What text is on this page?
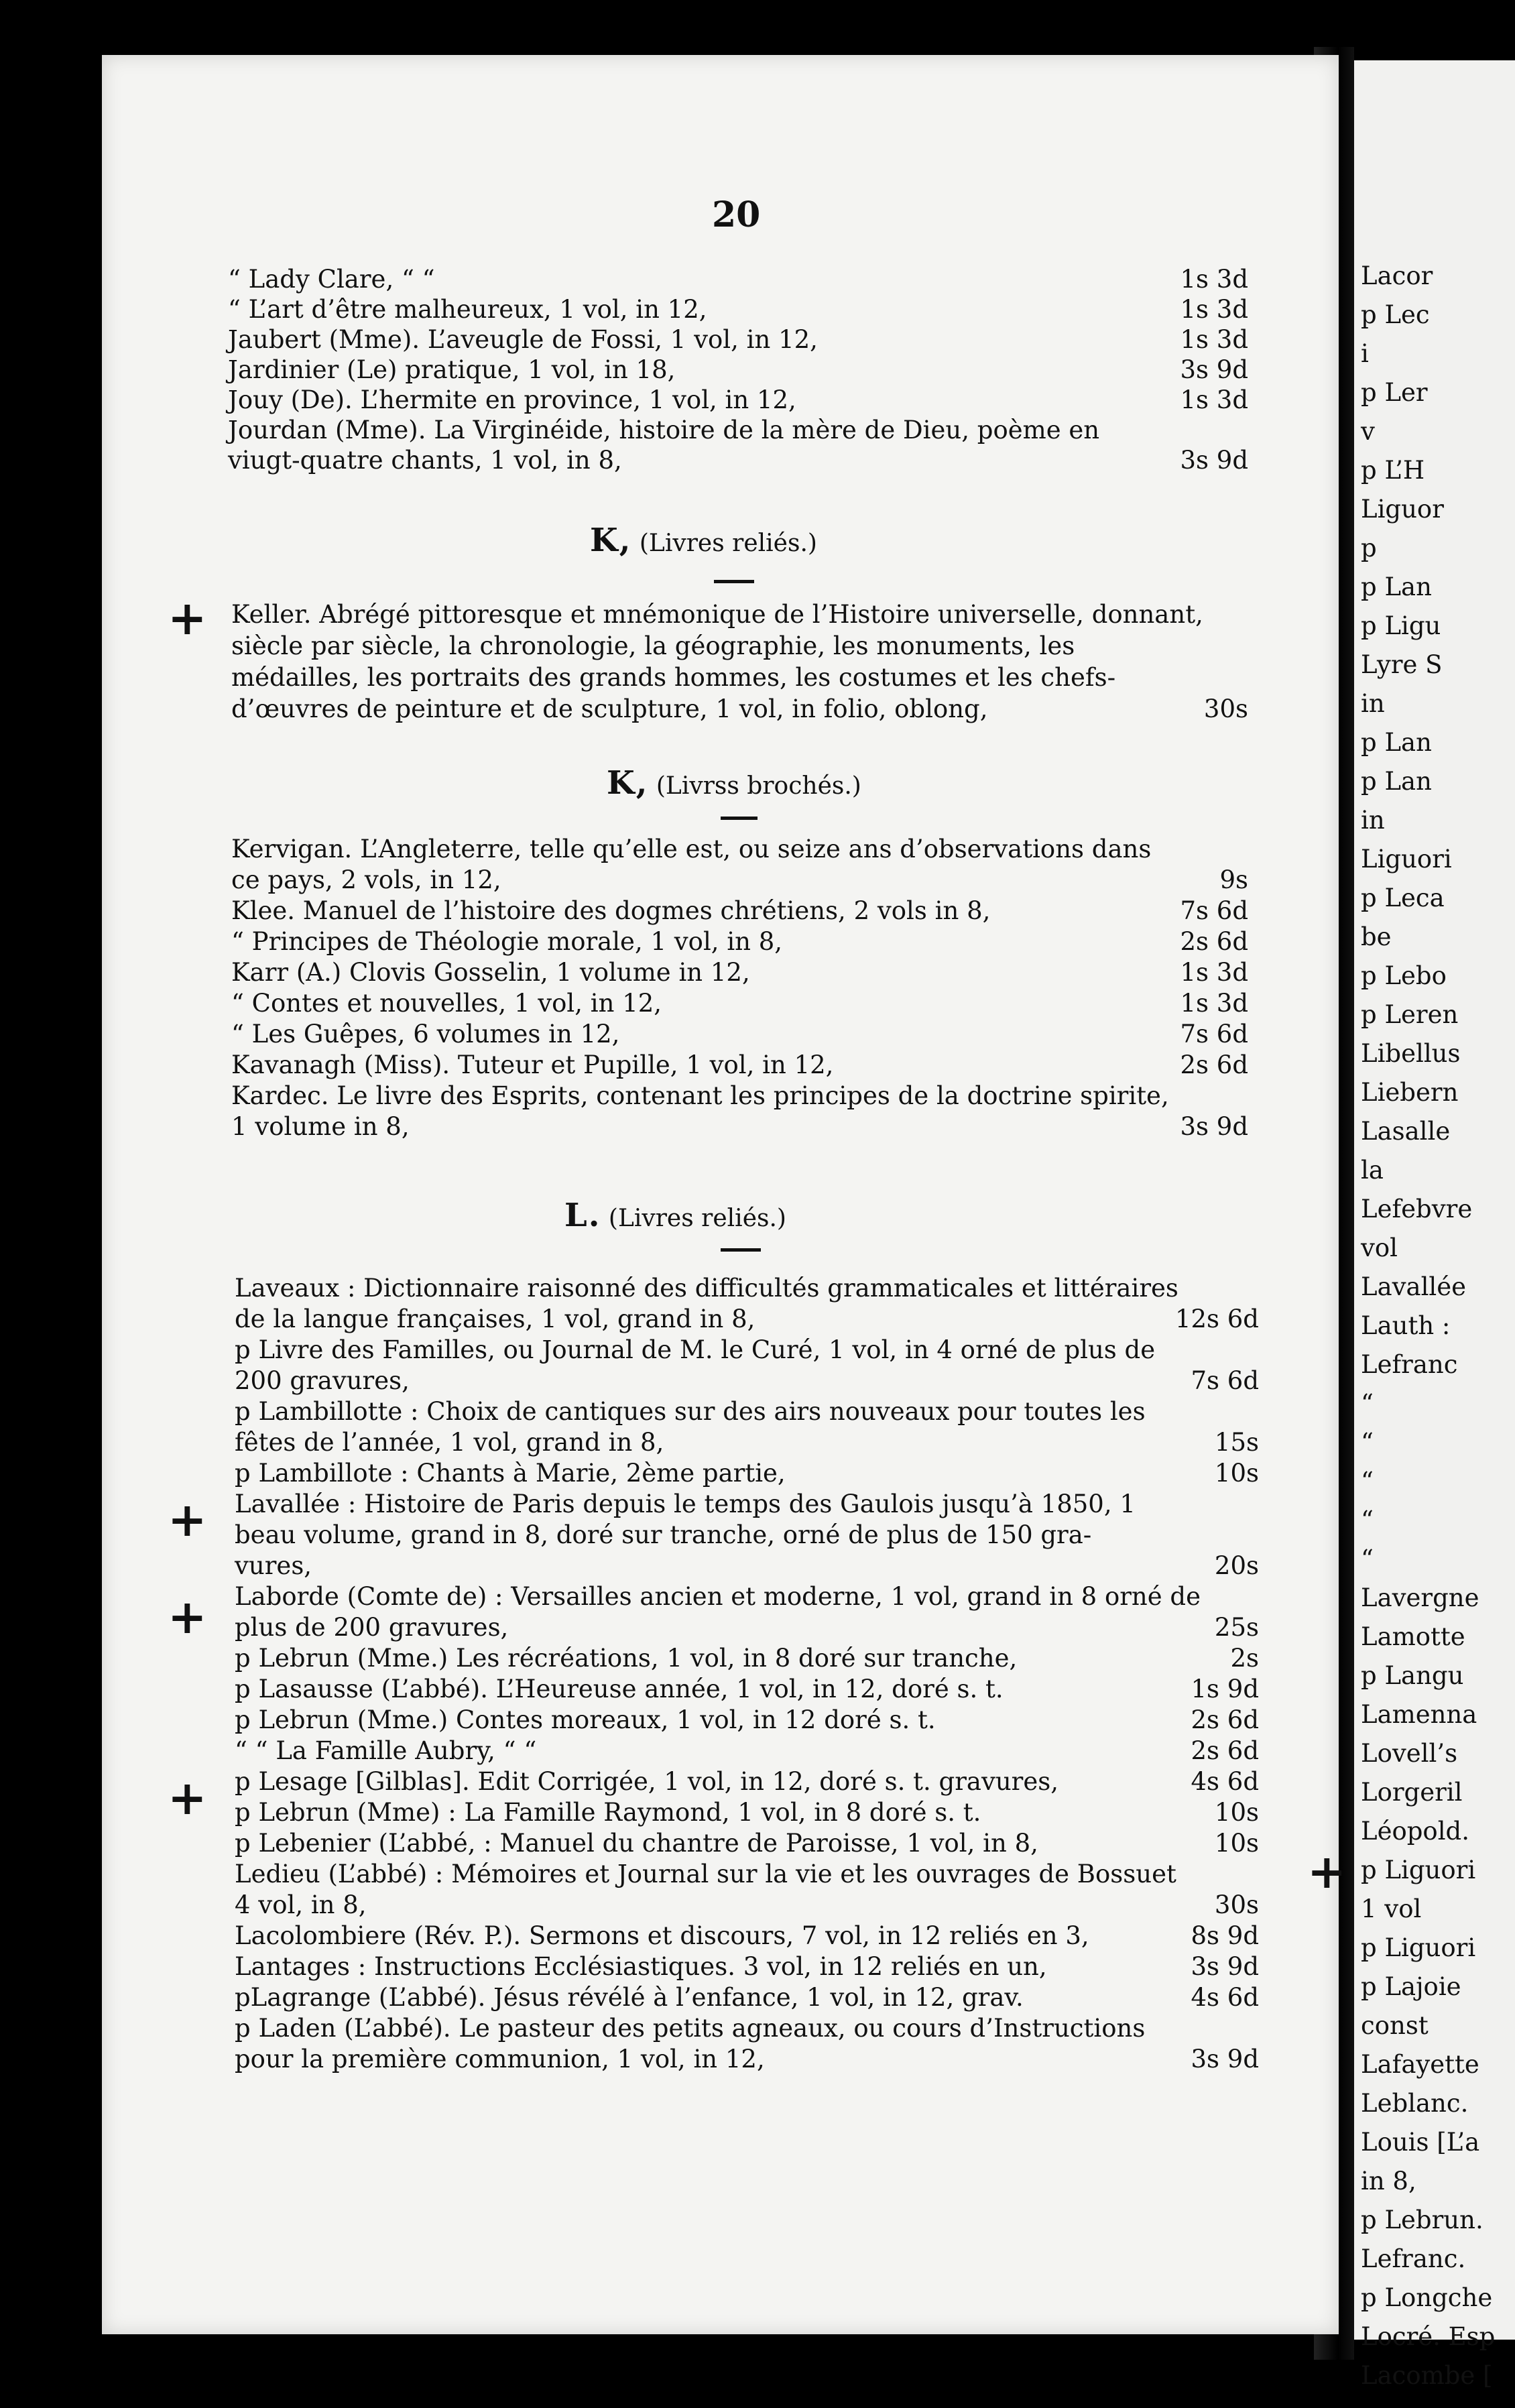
20
“ Lady Clare, “ “	1s 3d
“ L’art d’être malheureux, 1 vol, in 12,	1s 3d
Jaubert (Mme). L’aveugle de Fossi, 1 vol, in 12,	1s 3d
Jardinier (Le) pratique, 1 vol, in 18,	3s 9d
Jouy (De). L’hermite en province, 1 vol, in 12,	1s 3d
Jourdan (Mme). La Virginéide, histoire de la mère de Dieu, poème en
viugt-quatre chants, 1 vol, in 8,	3s 9d
K, (Livres reliés.)
Keller. Abrégé pittoresque et mnémonique de l’Histoire universelle, donnant,
siècle par siècle, la chronologie, la géographie, les monuments, les
médailles, les portraits des grands hommes, les costumes et les chefs-
d’œuvres de peinture et de sculpture, 1 vol, in folio, oblong,	30s
K, (Livrss brochés.)
Kervigan. L’Angleterre, telle qu’elle est, ou seize ans d’observations dans
ce pays, 2 vols, in 12,	9s
Klee. Manuel de l’histoire des dogmes chrétiens, 2 vols in 8,	7s 6d
“ Principes de Théologie morale, 1 vol, in 8,	2s 6d
Karr (A.) Clovis Gosselin, 1 volume in 12,	1s 3d
“ Contes et nouvelles, 1 vol, in 12,	1s 3d
“ Les Guêpes, 6 volumes in 12,	7s 6d
Kavanagh (Miss). Tuteur et Pupille, 1 vol, in 12,	2s 6d
Kardec. Le livre des Esprits, contenant les principes de la doctrine spirite,
1 volume in 8,	3s 9d
L. (Livres reliés.)
Laveaux : Dictionnaire raisonné des difficultés grammaticales et littéraires
de la langue françaises, 1 vol, grand in 8,	12s 6d
p Livre des Familles, ou Journal de M. le Curé, 1 vol, in 4 orné de plus de
200 gravures,	7s 6d
p Lambillotte : Choix de cantiques sur des airs nouveaux pour toutes les
fêtes de l’année, 1 vol, grand in 8,	15s
p Lambillote : Chants à Marie, 2ème partie,	10s
Lavallée : Histoire de Paris depuis le temps des Gaulois jusqu’à 1850, 1
beau volume, grand in 8, doré sur tranche, orné de plus de 150 gra-
vures,	20s
Laborde (Comte de) : Versailles ancien et moderne, 1 vol, grand in 8 orné de
plus de 200 gravures,	25s
p Lebrun (Mme.) Les récréations, 1 vol, in 8 doré sur tranche,	2s
p Lasausse (L’abbé). L’Heureuse année, 1 vol, in 12, doré s. t.	1s 9d
p Lebrun (Mme.) Contes moreaux, 1 vol, in 12 doré s. t.	2s 6d
“ “ La Famille Aubry, “ “	2s 6d
p Lesage [Gilblas]. Edit Corrigée, 1 vol, in 12, doré s. t. gravures,	4s 6d
p Lebrun (Mme) : La Famille Raymond, 1 vol, in 8 doré s. t.	10s
p Lebenier (L’abbé, : Manuel du chantre de Paroisse, 1 vol, in 8,	10s
Ledieu (L’abbé) : Mémoires et Journal sur la vie et les ouvrages de Bossuet
4 vol, in 8,	30s
Lacolombiere (Rév. P.). Sermons et discours, 7 vol, in 12 reliés en 3,	8s 9d
Lantages : Instructions Ecclésiastiques. 3 vol, in 12 reliés en un,	3s 9d
pLagrange (L’abbé). Jésus révélé à l’enfance, 1 vol, in 12, grav.	4s 6d
p Laden (L’abbé). Le pasteur des petits agneaux, ou cours d’Instructions
pour la première communion, 1 vol, in 12,	3s 9d
+
+
+
+
+
Lacor
p Lec
i
p Ler
v
p L’H
Liguor
p
p Lan
p Ligu
Lyre S
in
p Lan
p Lan
in
Liguori
p Leca
be
p Lebo
p Leren
Libellus
Liebern
Lasalle
la
Lefebvre
vol
Lavallée
Lauth :
Lefranc
“
“
“
“
“
Lavergne
Lamotte
p Langu
Lamenna
Lovell’s
Lorgeril
Léopold.
p Liguori
1 vol
p Liguori
p Lajoie
const
Lafayette
Leblanc.
Louis [L’a
in 8,
p Lebrun.
Lefranc.
p Longche
Locré. Esp
Lacombe [
